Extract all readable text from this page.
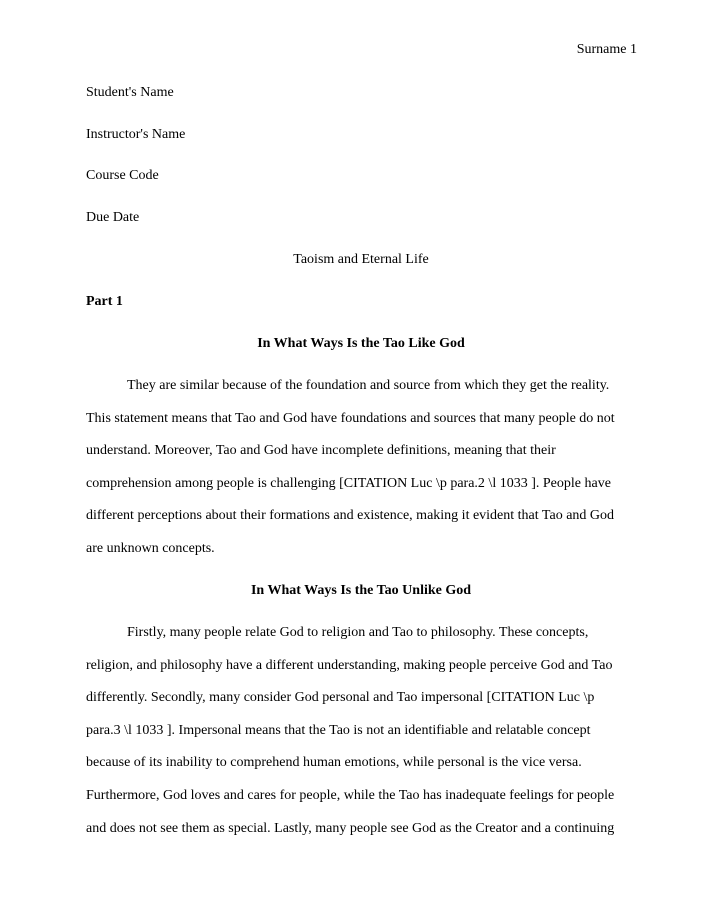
Surname 1
Student's Name
Instructor's Name
Course Code
Due Date
Taoism and Eternal Life
Part 1
In What Ways Is the Tao Like God
They are similar because of the foundation and source from which they get the reality.
This statement means that Tao and God have foundations and sources that many people do not
understand. Moreover, Tao and God have incomplete definitions, meaning that their
comprehension among people is challenging [CITATION Luc \p para.2 \l 1033 ]. People have
different perceptions about their formations and existence, making it evident that Tao and God
are unknown concepts.
In What Ways Is the Tao Unlike God
Firstly, many people relate God to religion and Tao to philosophy. These concepts,
religion, and philosophy have a different understanding, making people perceive God and Tao
differently. Secondly, many consider God personal and Tao impersonal [CITATION Luc \p
para.3 \l 1033 ]. Impersonal means that the Tao is not an identifiable and relatable concept
because of its inability to comprehend human emotions, while personal is the vice versa.
Furthermore, God loves and cares for people, while the Tao has inadequate feelings for people
and does not see them as special. Lastly, many people see God as the Creator and a continuing
